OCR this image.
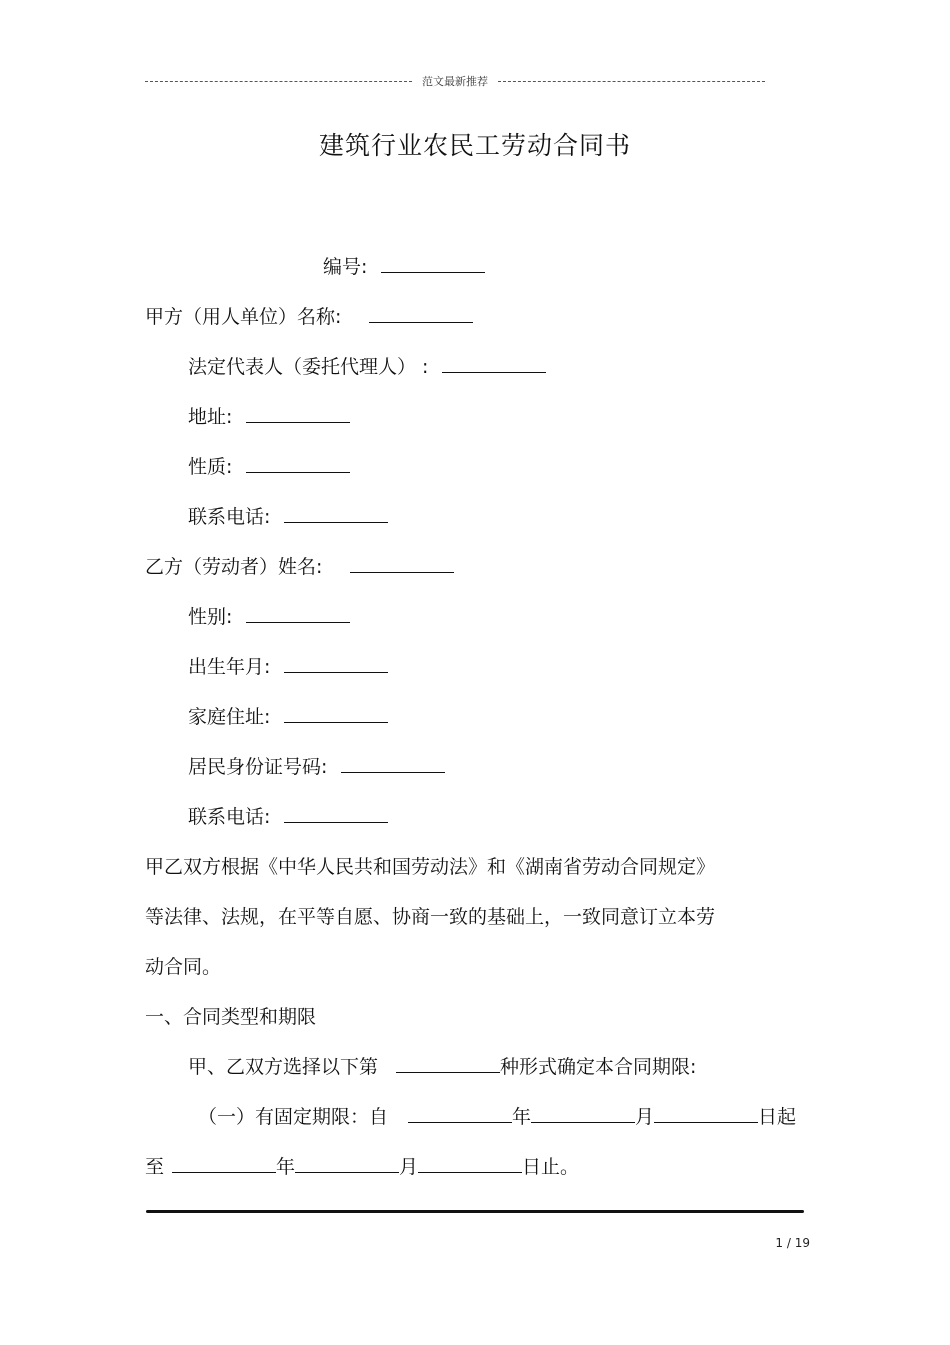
范文最新推荐
建筑行业农民工劳动合同书
编号:
甲方（用人单位）名称:
法定代表人（委托代理人） :
地址:
性质:
联系电话:
乙方（劳动者）姓名:
性别:
出生年月:
家庭住址:
居民身份证号码:
联系电话:
甲乙双方根据《中华人民共和国劳动法》和《湖南省劳动合同规定》
等法律、法规，在平等自愿、协商一致的基础上，一致同意订立本劳
动合同。
一、合同类型和期限
甲、乙双方选择以下第	种形式确定本合同期限:
（一）有固定期限：自	年	月	日起
至	年	月	日止。
1 / 19
